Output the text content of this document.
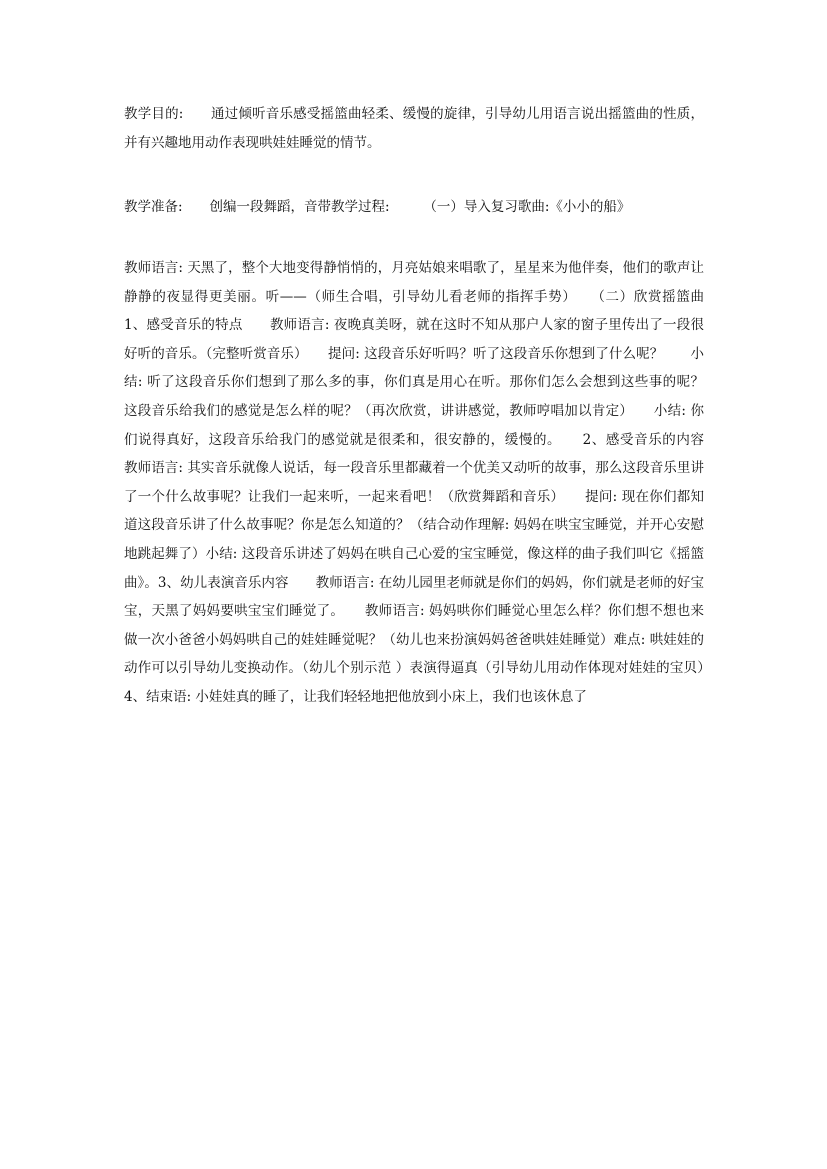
教学目的:　　通过倾听音乐感受摇篮曲轻柔、缓慢的旋律，引导幼儿用语言说出摇篮曲的性质，并有兴趣地用动作表现哄娃娃睡觉的情节。

教学准备:　　创编一段舞蹈，音带教学过程:　　　（一）导入复习歌曲:《小小的船》

教师语言: 天黑了，整个大地变得静悄悄的，月亮姑娘来唱歌了，星星来为他伴奏，他们的歌声让静静的夜显得更美丽。听——（师生合唱，引导幼儿看老师的指挥手势）　　（二）欣赏摇篮曲　　1、感受音乐的特点　　教师语言: 夜晚真美呀，就在这时不知从那户人家的窗子里传出了一段很好听的音乐。（完整听赏音乐）　　提问: 这段音乐好听吗？听了这段音乐你想到了什么呢？　　小结: 听了这段音乐你们想到了那么多的事，你们真是用心在听。那你们怎么会想到这些事的呢？　　这段音乐给我们的感觉是怎么样的呢？（再次欣赏，讲讲感觉，教师哼唱加以肯定）　　小结: 你们说得真好，这段音乐给我门的感觉就是很柔和，很安静的，缓慢的。　　2、感受音乐的内容　　教师语言: 其实音乐就像人说话，每一段音乐里都藏着一个优美又动听的故事，那么这段音乐里讲了一个什么故事呢？让我们一起来听，一起来看吧！（欣赏舞蹈和音乐）　　提问: 现在你们都知道这段音乐讲了什么故事呢？你是怎么知道的？（结合动作理解: 妈妈在哄宝宝睡觉，并开心安慰地跳起舞了）小结: 这段音乐讲述了妈妈在哄自己心爱的宝宝睡觉，像这样的曲子我们叫它《摇篮曲》。3、幼儿表演音乐内容　　教师语言: 在幼儿园里老师就是你们的妈妈，你们就是老师的好宝宝，天黑了妈妈要哄宝宝们睡觉了。　　教师语言: 妈妈哄你们睡觉心里怎么样？你们想不想也来做一次小爸爸小妈妈哄自己的娃娃睡觉呢？（幼儿也来扮演妈妈爸爸哄娃娃睡觉）难点: 哄娃娃的动作可以引导幼儿变换动作。（幼儿个别示范 ）表演得逼真（引导幼儿用动作体现对娃娃的宝贝）　　4、结束语: 小娃娃真的睡了，让我们轻轻地把他放到小床上，我们也该休息了
